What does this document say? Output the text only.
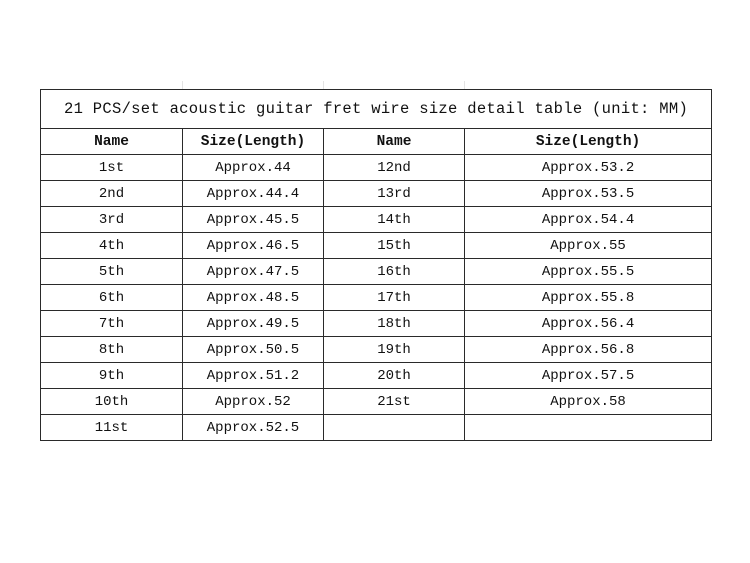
21 PCS/set acoustic guitar fret wire size detail table (unit: MM)			
Name	Size(Length)	Name	Size(Length)
1st	Approx.44	12nd	Approx.53.2
2nd	Approx.44.4	13rd	Approx.53.5
3rd	Approx.45.5	14th	Approx.54.4
4th	Approx.46.5	15th	Approx.55
5th	Approx.47.5	16th	Approx.55.5
6th	Approx.48.5	17th	Approx.55.8
7th	Approx.49.5	18th	Approx.56.4
8th	Approx.50.5	19th	Approx.56.8
9th	Approx.51.2	20th	Approx.57.5
10th	Approx.52	21st	Approx.58
11st	Approx.52.5		
